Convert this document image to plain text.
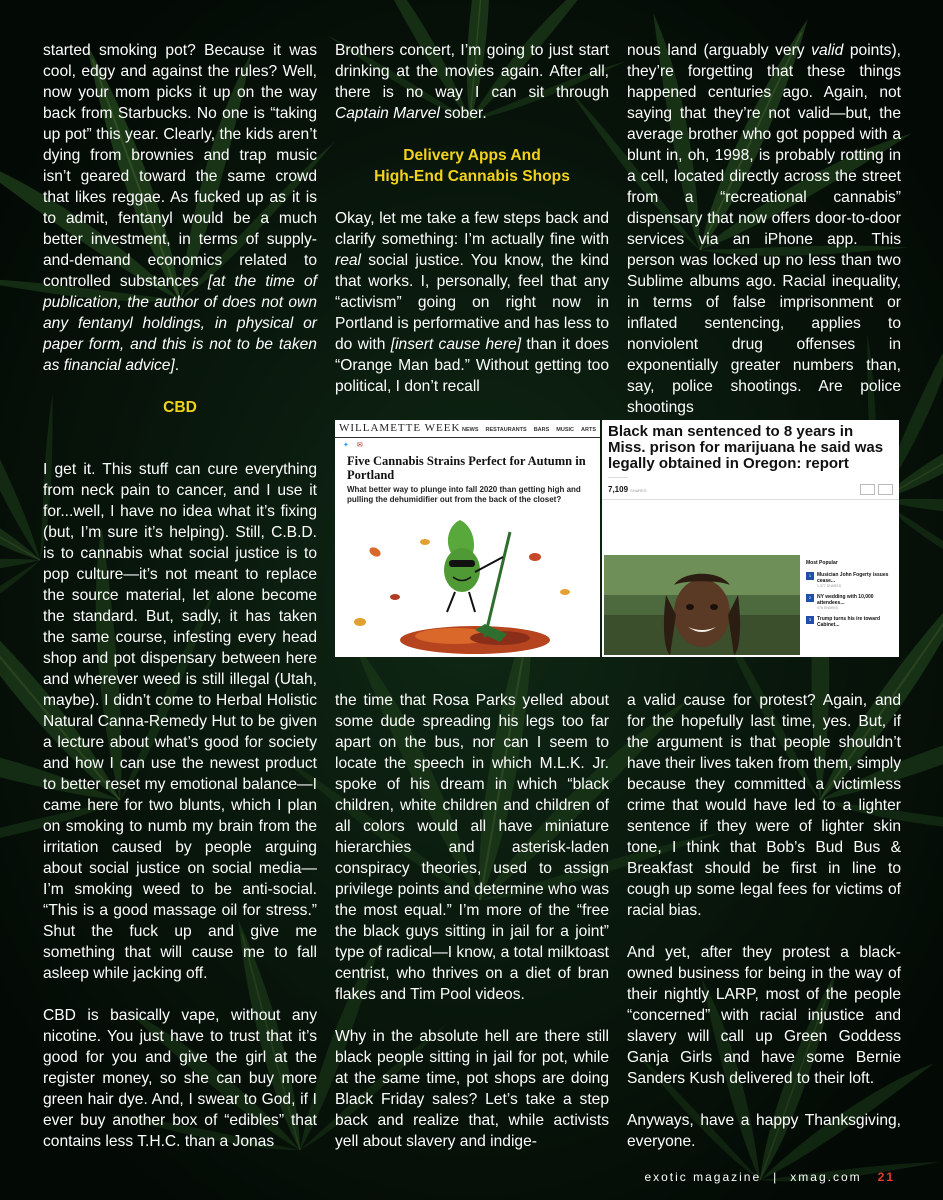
started smoking pot? Because it was cool, edgy and against the rules? Well, now your mom picks it up on the way back from Starbucks. No one is “taking up pot” this year. Clearly, the kids aren’t dying from brownies and trap music isn’t geared toward the same crowd that likes reggae. As fucked up as it is to admit, fentanyl would be a much better investment, in terms of supply-and-demand economics related to controlled substances [at the time of publication, the author of does not own any fentanyl holdings, in physical or paper form, and this is not to be taken as financial advice].

CBD

I get it. This stuff can cure everything from neck pain to cancer, and I use it for...well, I have no idea what it’s fixing (but, I’m sure it’s helping). Still, C.B.D. is to cannabis what social justice is to pop culture—it’s not meant to replace the source material, let alone become the standard. But, sadly, it has taken the same course, infesting every head shop and pot dispensary between here and wherever weed is still illegal (Utah, maybe). I didn’t come to Herbal Holistic Natural Canna-Remedy Hut to be given a lecture about what’s good for society and how I can use the newest product to better reset my emotional balance—I came here for two blunts, which I plan on smoking to numb my brain from the irritation caused by people arguing about social justice on social media—I’m smoking weed to be anti-social. “This is a good massage oil for stress.” Shut the fuck up and give me something that will cause me to fall asleep while jacking off.

CBD is basically vape, without any nicotine. You just have to trust that it’s good for you and give the girl at the register money, so she can buy more green hair dye. And, I swear to God, if I ever buy another box of “edibles” that contains less T.H.C. than a Jonas

Brothers concert, I’m going to just start drinking at the movies again. After all, there is no way I can sit through Captain Marvel sober.

Delivery Apps And
High-End Cannabis Shops

Okay, let me take a few steps back and clarify something: I’m actually fine with real social justice. You know, the kind that works. I, personally, feel that any “activism” going on right now in Portland is performative and has less to do with [insert cause here] than it does “Orange Man bad.” Without getting too political, I don’t recall

nous land (arguably very valid points), they’re forgetting that these things happened centuries ago. Again, not saying that they’re not valid—but, the average brother who got popped with a blunt in, oh, 1998, is probably rotting in a cell, located directly across the street from a “recreational cannabis” dispensary that now offers door-to-door services via an iPhone app. This person was locked up no less than two Sublime albums ago. Racial inequality, in terms of false imprisonment or inflated sentencing, applies to nonviolent drug offenses in exponentially greater numbers than, say, police shootings. Are police shootings

WILLAMETTE WEEK NEWS RESTAURANTS BARS MUSIC ARTS
✦ ✉
Five Cannabis Strains Perfect for Autumn in Portland
What better way to plunge into fall 2020 than getting high and pulling the dehumidifier out from the back of the closet?
Black man sentenced to 8 years in Miss. prison for marijuana he said was legally obtained in Oregon: report
───────
7,109 SHARES
Most Popular
1	Musician John Fogerty issues cease...
1,377 SHARES
2	NY wedding with 10,000 attendees...
976 SHARES
3	Trump turns his ire toward Cabinet...

the time that Rosa Parks yelled about some dude spreading his legs too far apart on the bus, nor can I seem to locate the speech in which M.L.K. Jr. spoke of his dream in which “black children, white children and children of all colors would all have miniature hierarchies and asterisk-laden conspiracy theories, used to assign privilege points and determine who was the most equal.” I’m more of the “free the black guys sitting in jail for a joint” type of radical—I know, a total milktoast centrist, who thrives on a diet of bran flakes and Tim Pool videos.

Why in the absolute hell are there still black people sitting in jail for pot, while at the same time, pot shops are doing Black Friday sales? Let’s take a step back and realize that, while activists yell about slavery and indige-

a valid cause for protest? Again, and for the hopefully last time, yes. But, if the argument is that people shouldn’t have their lives taken from them, simply because they committed a victimless crime that would have led to a lighter sentence if they were of lighter skin tone, I think that Bob’s Bud Bus & Breakfast should be first in line to cough up some legal fees for victims of racial bias.

And yet, after they protest a black-owned business for being in the way of their nightly LARP, most of the people “concerned” with racial injustice and slavery will call up Green Goddess Ganja Girls and have some Bernie Sanders Kush delivered to their loft.

Anyways, have a happy Thanksgiving, everyone.

exotic magazine | xmag.com 21
